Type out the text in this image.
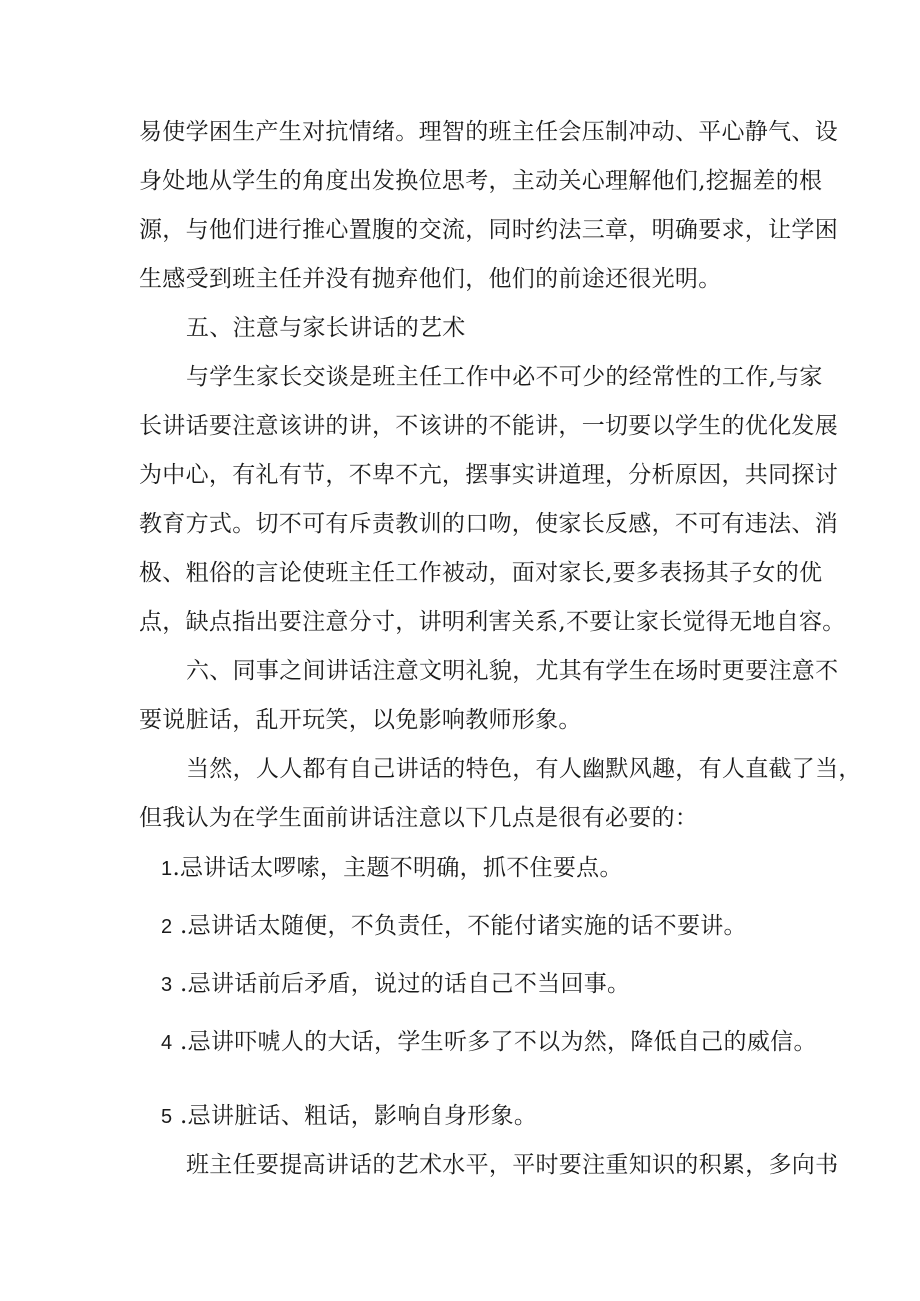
易使学困生产生对抗情绪。理智的班主任会压制冲动、平心静气、设
身处地从学生的角度出发换位思考，主动关心理解他们,挖掘差的根
源，与他们进行推心置腹的交流，同时约法三章，明确要求，让学困
生感受到班主任并没有抛弃他们，他们的前途还很光明。
五、注意与家长讲话的艺术
与学生家长交谈是班主任工作中必不可少的经常性的工作,与家
长讲话要注意该讲的讲，不该讲的不能讲，一切要以学生的优化发展
为中心，有礼有节，不卑不亢，摆事实讲道理，分析原因，共同探讨
教育方式。切不可有斥责教训的口吻，使家长反感，不可有违法、消
极、粗俗的言论使班主任工作被动，面对家长,要多表扬其子女的优
点，缺点指出要注意分寸，讲明利害关系,不要让家长觉得无地自容。
六、同事之间讲话注意文明礼貌，尤其有学生在场时更要注意不
要说脏话，乱开玩笑，以免影响教师形象。
当然，人人都有自己讲话的特色，有人幽默风趣，有人直截了当，
但我认为在学生面前讲话注意以下几点是很有必要的：
1.忌讲话太啰嗦，主题不明确，抓不住要点。
2 .忌讲话太随便，不负责任，不能付诸实施的话不要讲。
3 .忌讲话前后矛盾，说过的话自己不当回事。
4 .忌讲吓唬人的大话，学生听多了不以为然，降低自己的威信。
5 .忌讲脏话、粗话，影响自身形象。
班主任要提高讲话的艺术水平，平时要注重知识的积累，多向书
